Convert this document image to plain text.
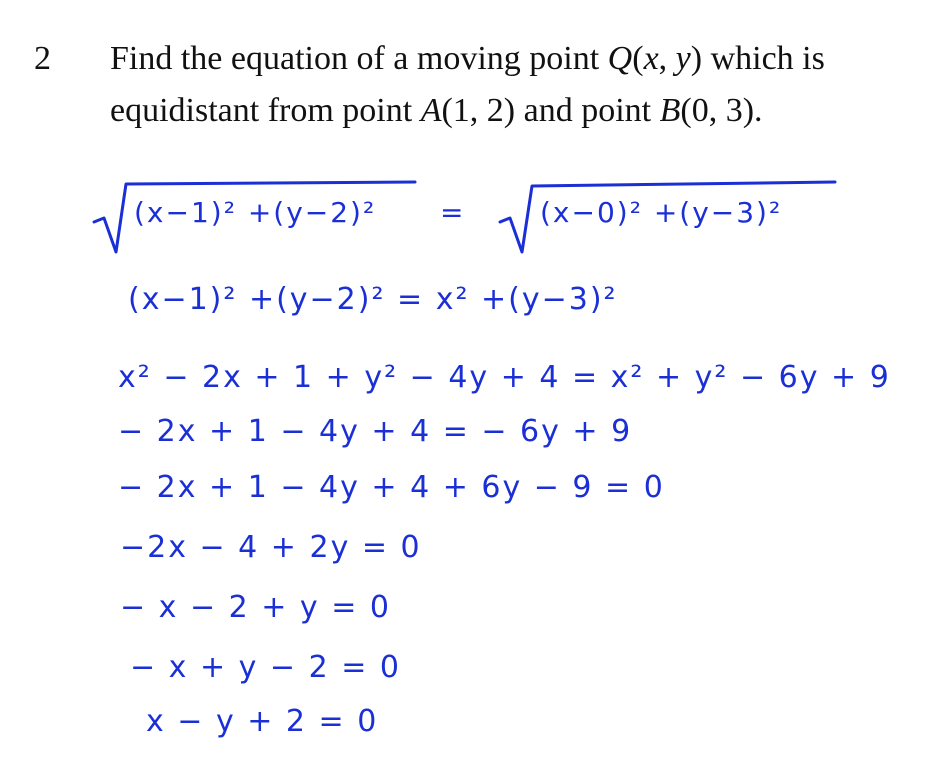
2 Find the equation of a moving point Q(x, y) which is
equidistant from point A(1, 2) and point B(0, 3).
(x−1)² +(y−2)² =	(x−0)² +(y−3)²
(x−1)² +(y−2)² = x² +(y−3)²
x² − 2x + 1 + y² − 4y + 4 = x² + y² − 6y + 9
− 2x + 1 − 4y + 4 = − 6y + 9
− 2x + 1 − 4y + 4 + 6y − 9 = 0
−2x − 4 + 2y = 0
− x − 2 + y = 0
− x + y − 2 = 0
x − y + 2 = 0
